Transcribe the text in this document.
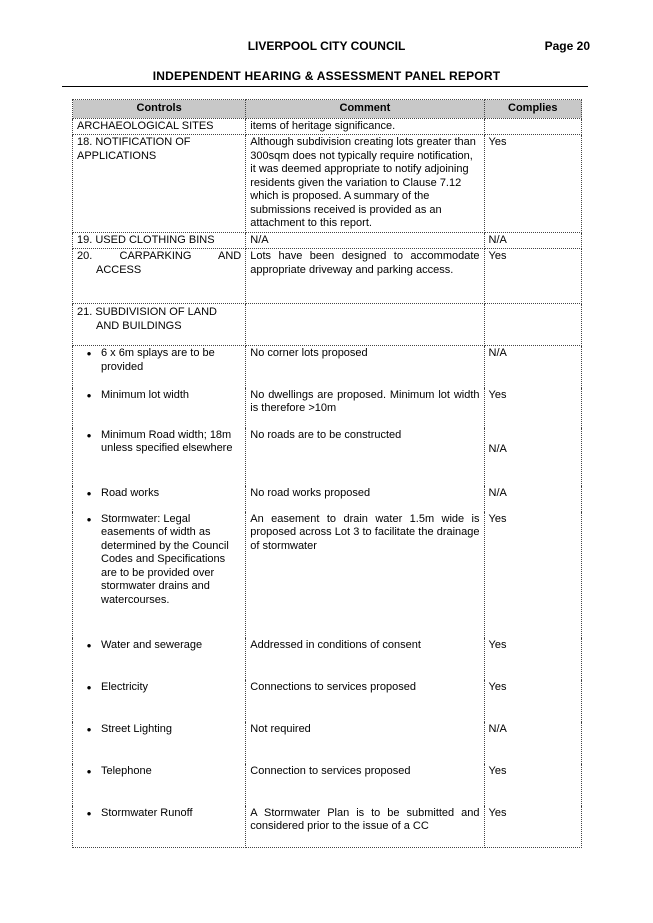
LIVERPOOL CITY COUNCIL	Page 20
INDEPENDENT HEARING & ASSESSMENT PANEL REPORT
Controls	Comment	Complies
ARCHAEOLOGICAL SITES	items of heritage significance.	

18. NOTIFICATION OF
APPLICATIONS	Although subdivision creating lots greater than 300sqm does not typically require notification, it was deemed appropriate to notify adjoining residents given the variation to Clause 7.12 which is proposed. A summary of the submissions received is provided as an attachment to this report.	Yes
19. USED CLOTHING BINS	N/A	N/A

20. CARPARKING AND
ACCESS	Lots have been designed to accommodate appropriate driveway and parking access.	Yes

21. SUBDIVISION OF LAND
AND BUILDINGS		

• 6 x 6m splays are to be provided	No corner lots proposed	N/A

• Minimum lot width	No dwellings are proposed. Minimum lot width is therefore >10m	Yes

• Minimum Road width; 18m unless specified elsewhere	No roads are to be constructed	N/A

• Road works	No road works proposed	N/A

• Stormwater: Legal easements of width as determined by the Council Codes and Specifications are to be provided over stormwater drains and watercourses.	An easement to drain water 1.5m wide is proposed across Lot 3 to facilitate the drainage of stormwater	Yes

• Water and sewerage	Addressed in conditions of consent	Yes

• Electricity	Connections to services proposed	Yes

• Street Lighting	Not required	N/A

• Telephone	Connection to services proposed	Yes

• Stormwater Runoff	A Stormwater Plan is to be submitted and considered prior to the issue of a CC	Yes
